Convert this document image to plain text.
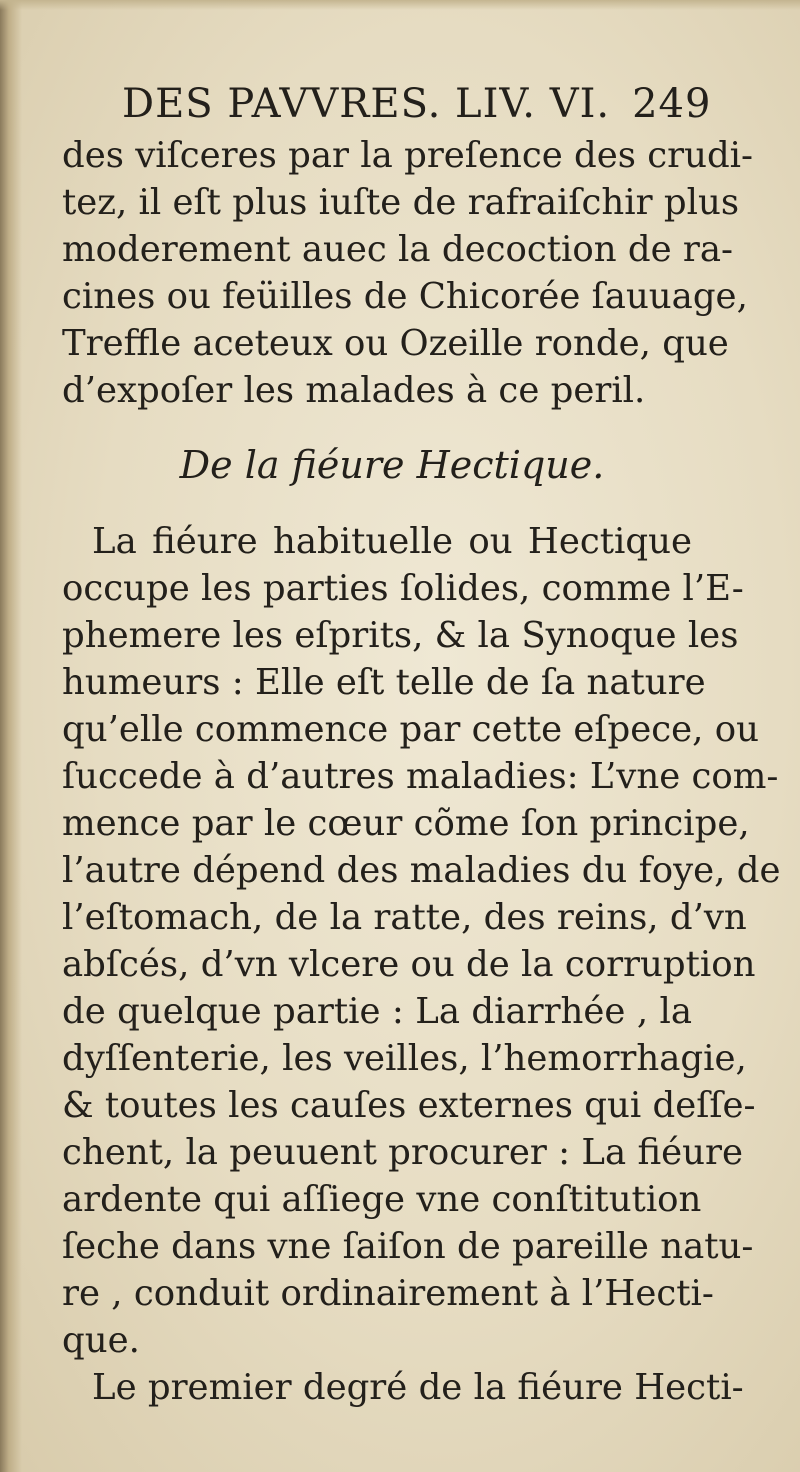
DES PAVVRES. LIV. VI. 249
des viſceres par la preſence des crudi-
tez, il eſt plus iuſte de rafraiſchir plus
moderement auec la decoction de ra-
cines ou feüilles de Chicorée ſauuage,
Treffle aceteux ou Ozeille ronde, que
d’expoſer les malades à ce peril.
De la fiéure Hectique.
La fiéure habituelle ou Hectique
occupe les parties ſolides, comme l’E-
phemere les eſprits, & la Synoque les
humeurs : Elle eſt telle de ſa nature
qu’elle commence par cette eſpece, ou
ſuccede à d’autres maladies: L’vne com-
mence par le cœur cõme ſon principe,
l’autre dépend des maladies du foye, de
l’eſtomach, de la ratte, des reins, d’vn
abſcés, d’vn vlcere ou de la corruption
de quelque partie : La diarrhée , la
dyſſenterie, les veilles, l’hemorrhagie,
& toutes les cauſes externes qui deſſe-
chent, la peuuent procurer : La fiéure
ardente qui aſſiege vne conſtitution
ſeche dans vne ſaiſon de pareille natu-
re , conduit ordinairement à l’Hecti-
que.
Le premier degré de la fiéure Hecti-
